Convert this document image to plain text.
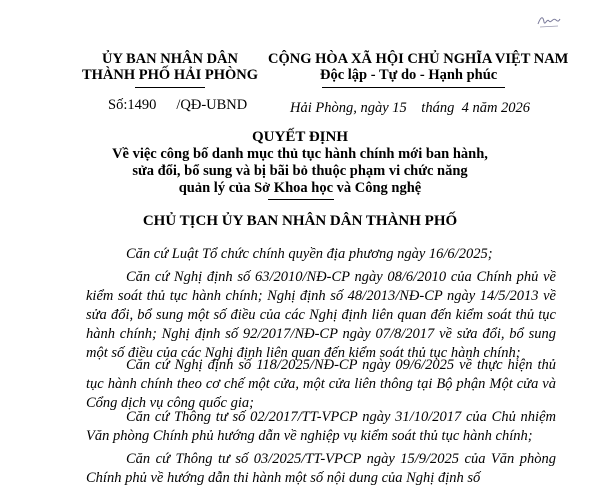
ỦY BAN NHÂN DÂN
THÀNH PHỐ HẢI PHÒNG
CỘNG HÒA XÃ HỘI CHỦ NGHĨA VIỆT NAM
Độc lập - Tự do - Hạnh phúc
Số:1490 /QĐ-UBND	Hải Phòng, ngày 15    tháng  4 năm 2026
QUYẾT ĐỊNH
Về việc công bố danh mục thủ tục hành chính mới ban hành,
sửa đổi, bổ sung và bị bãi bỏ thuộc phạm vi chức năng
quản lý của Sở Khoa học và Công nghệ
CHỦ TỊCH ỦY BAN NHÂN DÂN THÀNH PHỐ
Căn cứ Luật Tổ chức chính quyền địa phương ngày 16/6/2025;
Căn cứ Nghị định số 63/2010/NĐ-CP ngày 08/6/2010 của Chính phủ về kiểm soát thủ tục hành chính; Nghị định số 48/2013/NĐ-CP ngày 14/5/2013 về sửa đổi, bổ sung một số điều của các Nghị định liên quan đến kiểm soát thủ tục hành chính; Nghị định số 92/2017/NĐ-CP ngày 07/8/2017 về sửa đổi, bổ sung một số điều của các Nghị định liên quan đến kiểm soát thủ tục hành chính;
Căn cứ Nghị định số 118/2025/NĐ-CP ngày 09/6/2025 về thực hiện thủ tục hành chính theo cơ chế một cửa, một cửa liên thông tại Bộ phận Một cửa và Cổng dịch vụ công quốc gia;
Căn cứ Thông tư số 02/2017/TT-VPCP ngày 31/10/2017 của Chủ nhiệm Văn phòng Chính phủ hướng dẫn về nghiệp vụ kiểm soát thủ tục hành chính;
Căn cứ Thông tư số 03/2025/TT-VPCP ngày 15/9/2025 của Văn phòng Chính phủ về hướng dẫn thi hành một số nội dung của Nghị định số
